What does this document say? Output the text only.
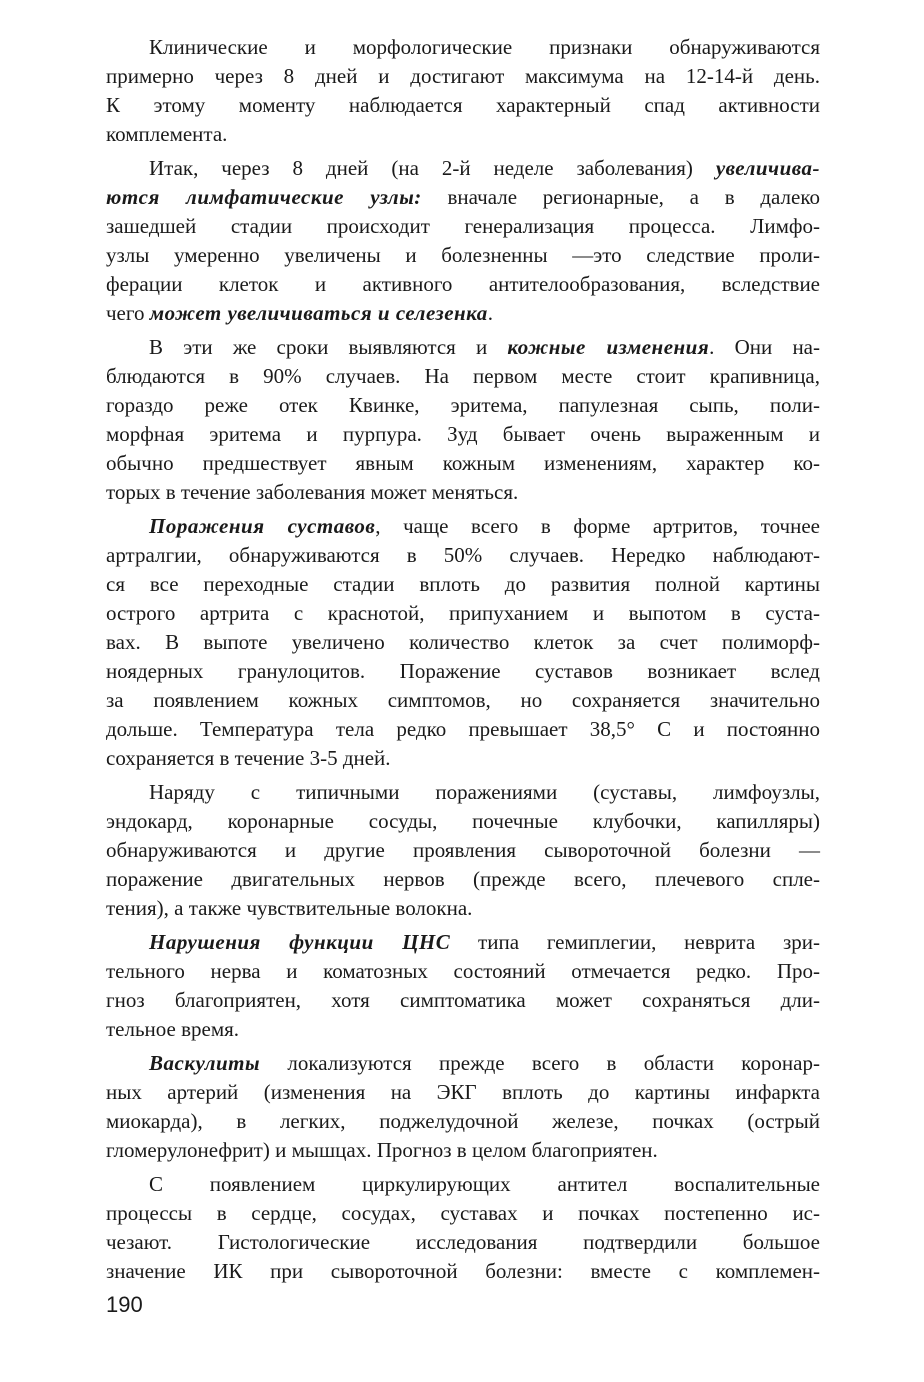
Клинические и морфологические признаки обнаруживаются
примерно через 8 дней и достигают максимума на 12-14-й день.
К этому моменту наблюдается характерный спад активности
комплемента.
Итак, через 8 дней (на 2-й неделе заболевания) увеличива-
ются лимфатические узлы: вначале регионарные, а в далеко
зашедшей стадии происходит генерализация процесса. Лимфо-
узлы умеренно увеличены и болезненны —это следствие проли-
ферации клеток и активного антителообразования, вследствие
чего может увеличиваться и селезенка.
В эти же сроки выявляются и кожные изменения. Они на-
блюдаются в 90% случаев. На первом месте стоит крапивница,
гораздо реже отек Квинке, эритема, папулезная сыпь, поли-
морфная эритема и пурпура. Зуд бывает очень выраженным и
обычно предшествует явным кожным изменениям, характер ко-
торых в течение заболевания может меняться.
Поражения суставов, чаще всего в форме артритов, точнее
артралгии, обнаруживаются в 50% случаев. Нередко наблюдают-
ся все переходные стадии вплоть до развития полной картины
острого артрита с краснотой, припуханием и выпотом в суста-
вах. В выпоте увеличено количество клеток за счет полиморф-
ноядерных гранулоцитов. Поражение суставов возникает вслед
за появлением кожных симптомов, но сохраняется значительно
дольше. Температура тела редко превышает 38,5° С и постоянно
сохраняется в течение 3-5 дней.
Наряду с типичными поражениями (суставы, лимфоузлы,
эндокард, коронарные сосуды, почечные клубочки, капилляры)
обнаруживаются и другие проявления сывороточной болезни —
поражение двигательных нервов (прежде всего, плечевого спле-
тения), а также чувствительные волокна.
Нарушения функции ЦНС типа гемиплегии, неврита зри-
тельного нерва и коматозных состояний отмечается редко. Про-
гноз благоприятен, хотя симптоматика может сохраняться дли-
тельное время.
Васкулиты локализуются прежде всего в области коронар-
ных артерий (изменения на ЭКГ вплоть до картины инфаркта
миокарда), в легких, поджелудочной железе, почках (острый
гломерулонефрит) и мышцах. Прогноз в целом благоприятен.
С появлением циркулирующих антител воспалительные
процессы в сердце, сосудах, суставах и почках постепенно ис-
чезают. Гистологические исследования подтвердили большое
значение ИК при сывороточной болезни: вместе с комплемен-
190
